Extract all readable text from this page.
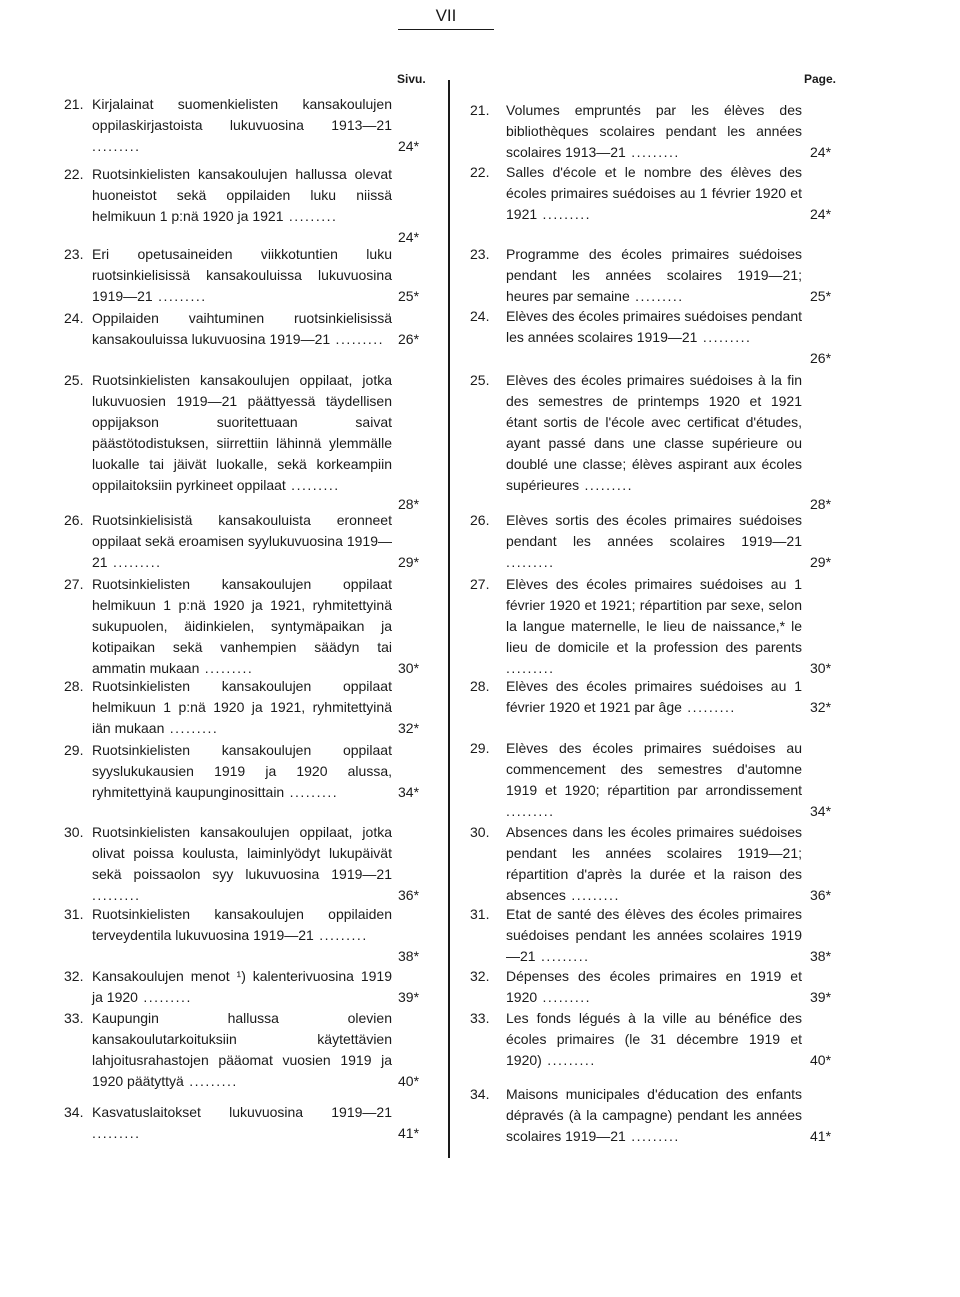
VII
Sivu.	Page.
21. Kirjalainat suomenkielisten kansakoulujen oppilaskirjastoista lukuvuosina 1913—21 .........	24*
22. Ruotsinkielisten kansakoulujen hallussa olevat huoneistot sekä oppilaiden luku niissä helmikuun 1 p:nä 1920 ja 1921 .........
24*
23. Eri opetusaineiden viikkotuntien luku ruotsinkielisissä kansakouluissa lukuvuosina 1919—21 .........	25*
24. Oppilaiden vaihtuminen ruotsinkielisissä kansakouluissa lukuvuosina 1919—21 ......... 26*
25. Ruotsinkielisten kansakoulujen oppilaat, jotka lukuvuosien 1919—21 päättyessä täydellisen oppijakson suoritettuaan saivat päästötodistuksen, siirrettiin lähinnä ylemmälle luokalle tai jäivät luokalle, sekä korkeampiin oppilaitoksiin pyrkineet oppilaat .........
28*
26. Ruotsinkielisistä kansakouluista eronneet oppilaat sekä eroamisen syylukuvuosina 1919—21 .........	29*
27. Ruotsinkielisten kansakoulujen oppilaat helmikuun 1 p:nä 1920 ja 1921, ryhmitettyinä sukupuolen, äidinkielen, syntymäpaikan ja kotipaikan sekä vanhempien säädyn tai ammatin mukaan .........	30*
28. Ruotsinkielisten kansakoulujen oppilaat helmikuun 1 p:nä 1920 ja 1921, ryhmitettyinä iän mukaan .........	32*
29. Ruotsinkielisten kansakoulujen oppilaat syyslukukausien 1919 ja 1920 alussa, ryhmitettyinä kaupunginosittain .........	34*
30. Ruotsinkielisten kansakoulujen oppilaat, jotka olivat poissa koulusta, laiminlyödyt lukupäivät sekä poissaolon syy lukuvuosina 1919—21 .........	36*
31. Ruotsinkielisten kansakoulujen oppilaiden terveydentila lukuvuosina 1919—21 .........
38*
32. Kansakoulujen menot ¹) kalenterivuosina 1919 ja 1920 .........	39*
33. Kaupungin hallussa olevien kansakoulutarkoituksiin käytettävien lahjoitusrahastojen pääomat vuosien 1919 ja 1920 päätyttyä .........	40*
34. Kasvatuslaitokset lukuvuosina 1919—21 .........	41*
21. Volumes empruntés par les élèves des bibliothèques scolaires pendant les années scolaires 1913—21 .........	24*
22. Salles d'école et le nombre des élèves des écoles primaires suédoises au 1 février 1920 et 1921 .........	24*
23. Programme des écoles primaires suédoises pendant les années scolaires 1919—21; heures par semaine .........	25*
24. Elèves des écoles primaires suédoises pendant les années scolaires 1919—21 .........
26*
25. Elèves des écoles primaires suédoises à la fin des semestres de printemps 1920 et 1921 étant sortis de l'école avec certificat d'études, ayant passé dans une classe supérieure ou doublé une classe; élèves aspirant aux écoles supérieures .........
28*
26. Elèves sortis des écoles primaires suédoises pendant les années scolaires 1919—21 .........	29*
27. Elèves des écoles primaires suédoises au 1 février 1920 et 1921; répartition par sexe, selon la langue maternelle, le lieu de naissance,* le lieu de domicile et la profession des parents .........	30*
28. Elèves des écoles primaires suédoises au 1 février 1920 et 1921 par âge .........	32*
29. Elèves des écoles primaires suédoises au commencement des semestres d'automne 1919 et 1920; répartition par arrondissement .........	34*
30. Absences dans les écoles primaires suédoises pendant les années scolaires 1919—21; répartition d'après la durée et la raison des absences .........	36*
31. Etat de santé des élèves des écoles primaires suédoises pendant les années scolaires 1919—21 .........	38*
32. Dépenses des écoles primaires en 1919 et 1920 .........	39*
33. Les fonds légués à la ville au bénéfice des écoles primaires (le 31 décembre 1919 et 1920) .........	40*
34. Maisons municipales d'éducation des enfants dépravés (à la campagne) pendant les années scolaires 1919—21 .........	41*
